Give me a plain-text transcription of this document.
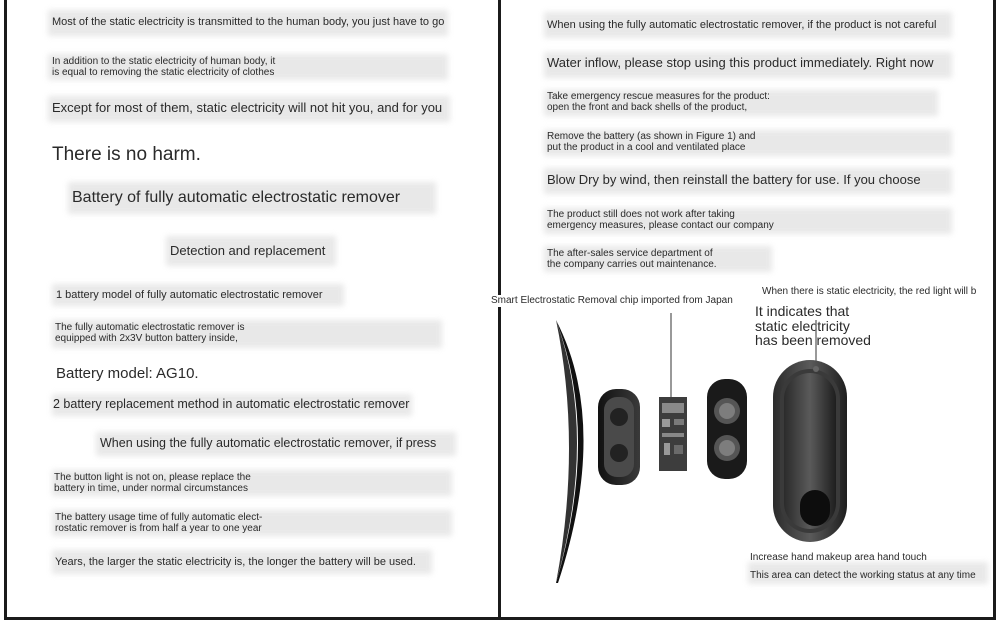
Most of the static electricity is transmitted to the human body, you just have to go
In addition to the static electricity of human body, it
is equal to removing the static electricity of clothes
Except for most of them, static electricity will not hit you, and for you
There is no harm.
Battery of fully automatic electrostatic remover
Detection and replacement
1 battery model of fully automatic electrostatic remover
The fully automatic electrostatic remover is
equipped with 2x3V button battery inside,
Battery model: AG10.
2 battery replacement method in automatic electrostatic remover
When using the fully automatic electrostatic remover, if press
The button light is not on, please replace the
battery in time, under normal circumstances
The battery usage time of fully automatic elect-
rostatic remover is from half a year to one year
Years, the larger the static electricity is, the longer the battery will be used.
When using the fully automatic electrostatic remover, if the product is not careful
Water inflow, please stop using this product immediately. Right now
Take emergency rescue measures for the product:
open the front and back shells of the product,
Remove the battery (as shown in Figure 1) and
put the product in a cool and ventilated place
Blow Dry by wind, then reinstall the battery for use. If you choose
The product still does not work after taking
emergency measures, please contact our company
The after-sales service department of
the company carries out maintenance.
Smart Electrostatic Removal chip imported from Japan
When there is static electricity, the red light will b
It indicates that
static electricity
has been removed
Increase hand makeup area hand touch
This area can detect the working status at any time
